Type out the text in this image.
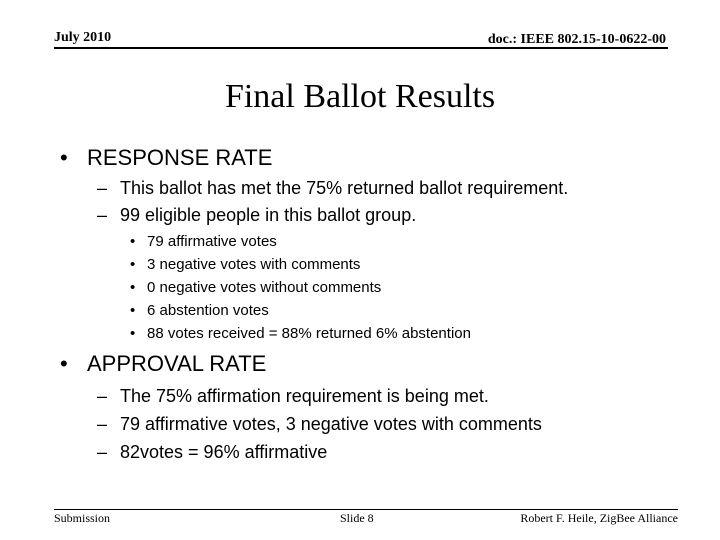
July 2010	doc.: IEEE 802.15-10-0622-00
Final Ballot Results
• RESPONSE RATE
– This ballot has met the 75% returned ballot requirement.
– 99 eligible people in this ballot group.
• 79 affirmative votes
• 3 negative votes with comments
• 0 negative votes without comments
• 6 abstention votes
• 88 votes received = 88% returned 6% abstention
• APPROVAL RATE
– The 75% affirmation requirement is being met.
– 79 affirmative votes, 3 negative votes with comments
– 82votes = 96% affirmative
Submission	Slide 8	Robert F. Heile, ZigBee Alliance
